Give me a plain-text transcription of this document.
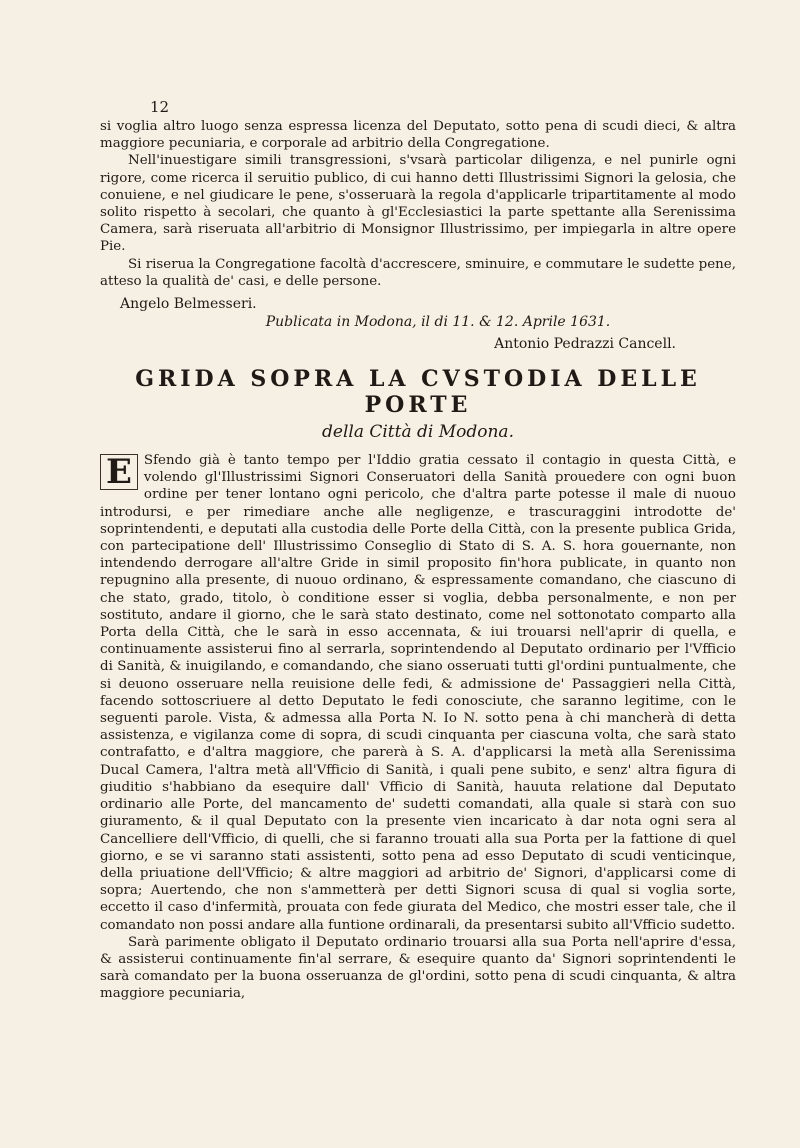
12

si voglia altro luogo senza espressa licenza del Deputato, sotto pena di scudi dieci, & altra maggiore pecuniaria, e corporale ad arbitrio della Congregatione.

Nell'inuestigare simili transgressioni, s'vsarà particolar diligenza, e nel punirle ogni rigore, come ricerca il seruitio publico, di cui hanno detti Illustrissimi Signori la gelosia, che conuiene, e nel giudicare le pene, s'osseruarà la regola d'applicarle tripartitamente al modo solito rispetto à secolari, che quanto à gl'Ecclesiastici la parte spettante alla Serenissima Camera, sarà riseruata all'arbitrio di Monsignor Illustrissimo, per impiegarla in altre opere Pie.

Si riserua la Congregatione facoltà d'accrescere, sminuire, e commutare le sudette pene, atteso la qualità de' casi, e delle persone.

Angelo Belmesseri.
Publicata in Modona, il di 11. & 12. Aprile 1631.
Antonio Pedrazzi Cancell.
GRIDA SOPRA LA CVSTODIA DELLE PORTE
della Città di Modona.

E Sfendo già è tanto tempo per l'Iddio gratia cessato il contagio in questa Città, e volendo gl'Illustrissimi Signori Conseruatori della Sanità prouedere con ogni buon ordine per tener lontano ogni pericolo, che d'altra parte potesse il male di nuouo introdursi, e per rimediare anche alle negligenze, e trascuraggini introdotte de' soprintendenti, e deputati alla custodia delle Porte della Città, con la presente publica Grida, con partecipatione dell' Illustrissimo Conseglio di Stato di S. A. S. hora gouernante, non intendendo derrogare all'altre Gride in simil proposito fin'hora publicate, in quanto non repugnino alla presente, di nuouo ordinano, & espressamente comandano, che ciascuno di che stato, grado, titolo, ò conditione esser si voglia, debba personalmente, e non per sostituto, andare il giorno, che le sarà stato destinato, come nel sottonotato comparto alla Porta della Città, che le sarà in esso accennata, & iui trouarsi nell'aprir di quella, e continuamente assisterui fino al serrarla, soprintendendo al Deputato ordinario per l'Vfficio di Sanità, & inuigilando, e comandando, che siano osseruati tutti gl'ordini puntualmente, che si deuono osseruare nella reuisione delle fedi, & admissione de' Passaggieri nella Città, facendo sottoscriuere al detto Deputato le fedi conosciute, che saranno legitime, con le seguenti parole. Vista, & admessa alla Porta N. Io N. sotto pena à chi mancherà di detta assistenza, e vigilanza come di sopra, di scudi cinquanta per ciascuna volta, che sarà stato contrafatto, e d'altra maggiore, che parerà à S. A. d'applicarsi la metà alla Serenissima Ducal Camera, l'altra metà all'Vfficio di Sanità, i quali pene subito, e senz' altra figura di giuditio s'habbiano da esequire dall' Vfficio di Sanità, hauuta relatione dal Deputato ordinario alle Porte, del mancamento de' sudetti comandati, alla quale si starà con suo giuramento, & il qual Deputato con la presente vien incaricato à dar nota ogni sera al Cancelliere dell'Vfficio, di quelli, che si faranno trouati alla sua Porta per la fattione di quel giorno, e se vi saranno stati assistenti, sotto pena ad esso Deputato di scudi venticinque, della priuatione dell'Vfficio; & altre maggiori ad arbitrio de' Signori, d'applicarsi come di sopra; Auertendo, che non s'ammetterà per detti Signori scusa di qual si voglia sorte, eccetto il caso d'infermità, prouata con fede giurata del Medico, che mostri esser tale, che il comandato non possi andare alla funtione ordinarali, da presentarsi subito all'Vfficio sudetto.

Sarà parimente obligato il Deputato ordinario trouarsi alla sua Porta nell'aprire d'essa, & assisterui continuamente fin'al serrare, & esequire quanto da' Signori soprintendenti le sarà comandato per la buona osseruanza de gl'ordini, sotto pena di scudi cinquanta, & altra maggiore pecuniaria,
